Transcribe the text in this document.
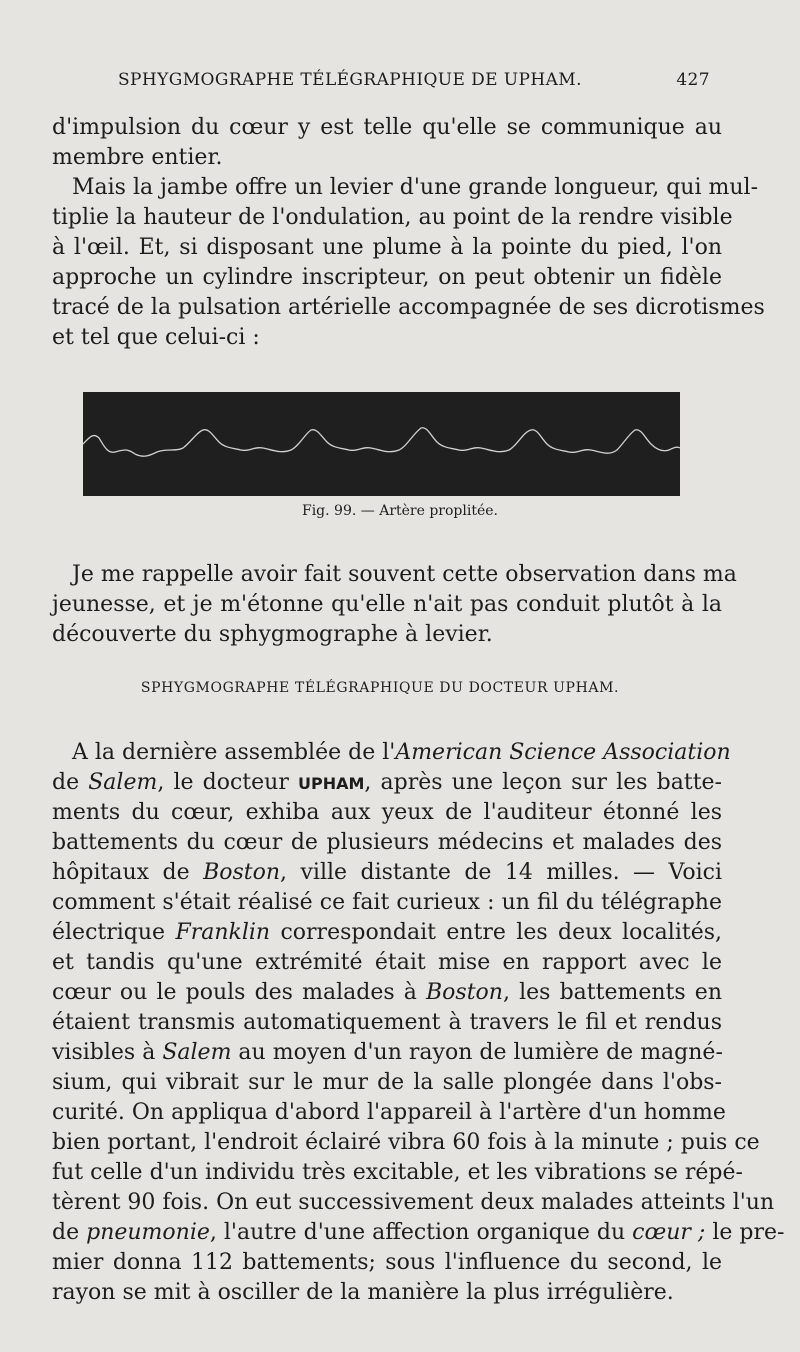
SPHYGMOGRAPHE TÉLÉGRAPHIQUE DE UPHAM.	427
d'impulsion du cœur y est telle qu'elle se communique au
membre entier.
Mais la jambe offre un levier d'une grande longueur, qui mul-
tiplie la hauteur de l'ondulation, au point de la rendre visible
à l'œil. Et, si disposant une plume à la pointe du pied, l'on
approche un cylindre inscripteur, on peut obtenir un fidèle
tracé de la pulsation artérielle accompagnée de ses dicrotismes
et tel que celui-ci :
Fig. 99. — Artère proplitée.
Je me rappelle avoir fait souvent cette observation dans ma
jeunesse, et je m'étonne qu'elle n'ait pas conduit plutôt à la
découverte du sphygmographe à levier.
SPHYGMOGRAPHE TÉLÉGRAPHIQUE DU DOCTEUR UPHAM.
A la dernière assemblée de l'American Science Association
de Salem, le docteur UPHAM, après une leçon sur les batte-
ments du cœur, exhiba aux yeux de l'auditeur étonné les
battements du cœur de plusieurs médecins et malades des
hôpitaux de Boston, ville distante de 14 milles. — Voici
comment s'était réalisé ce fait curieux : un fil du télégraphe
électrique Franklin correspondait entre les deux localités,
et tandis qu'une extrémité était mise en rapport avec le
cœur ou le pouls des malades à Boston, les battements en
étaient transmis automatiquement à travers le fil et rendus
visibles à Salem au moyen d'un rayon de lumière de magné-
sium, qui vibrait sur le mur de la salle plongée dans l'obs-
curité. On appliqua d'abord l'appareil à l'artère d'un homme
bien portant, l'endroit éclairé vibra 60 fois à la minute ; puis ce
fut celle d'un individu très excitable, et les vibrations se répé-
tèrent 90 fois. On eut successivement deux malades atteints l'un
de pneumonie, l'autre d'une affection organique du cœur ; le pre-
mier donna 112 battements; sous l'influence du second, le
rayon se mit à osciller de la manière la plus irrégulière.
